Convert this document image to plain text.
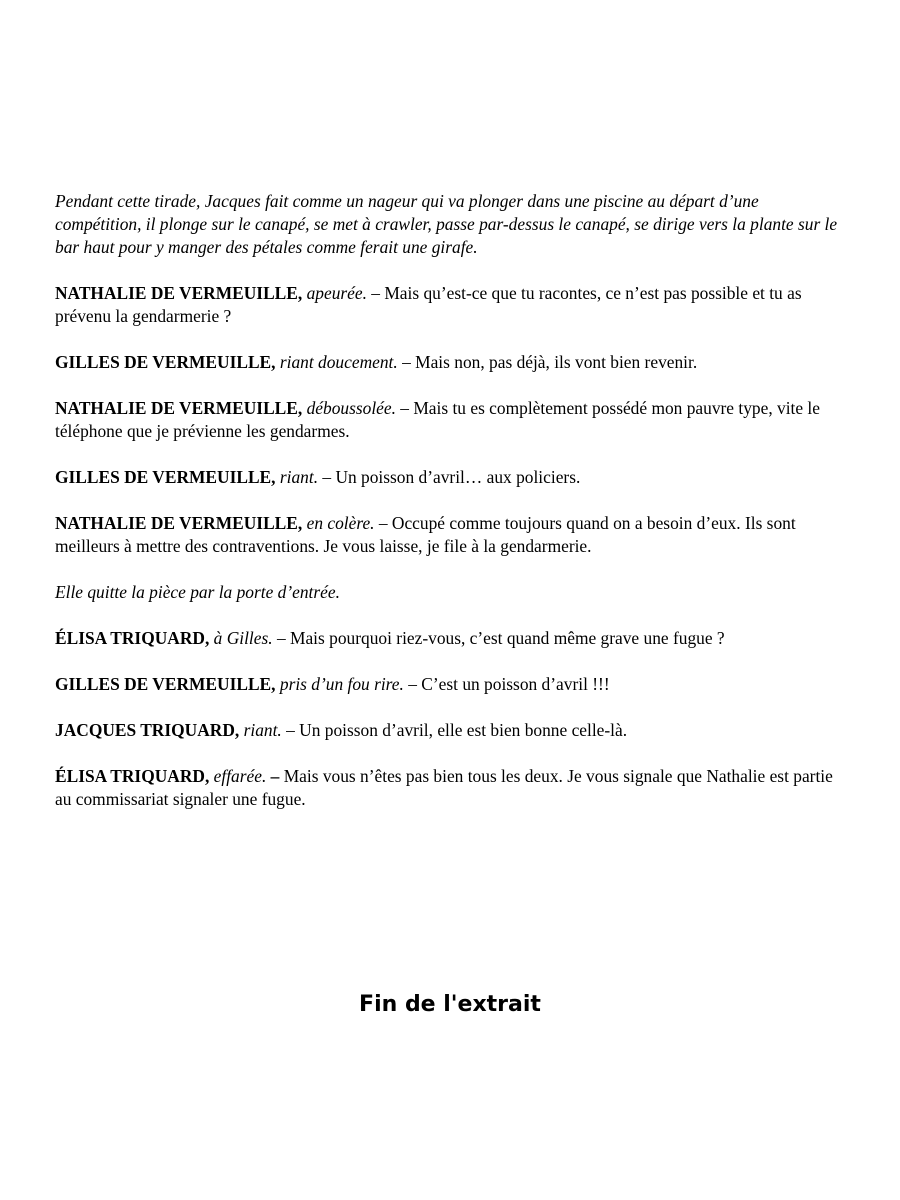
Pendant cette tirade, Jacques fait comme un nageur qui va plonger dans une piscine au départ d’une compétition, il plonge sur le canapé, se met à crawler, passe par-dessus le canapé, se dirige vers la plante sur le bar haut pour y manger des pétales comme ferait une girafe.

NATHALIE DE VERMEUILLE, apeurée. – Mais qu’est-ce que tu racontes, ce n’est pas possible et tu as prévenu la gendarmerie ?

GILLES DE VERMEUILLE, riant doucement. – Mais non, pas déjà, ils vont bien revenir.

NATHALIE DE VERMEUILLE, déboussolée. – Mais tu es complètement possédé mon pauvre type, vite le téléphone que je prévienne les gendarmes.

GILLES DE VERMEUILLE, riant. – Un poisson d’avril… aux policiers.

NATHALIE DE VERMEUILLE, en colère. – Occupé comme toujours quand on a besoin d’eux. Ils sont meilleurs à mettre des contraventions. Je vous laisse, je file à la gendarmerie.

Elle quitte la pièce par la porte d’entrée.

ÉLISA TRIQUARD, à Gilles. – Mais pourquoi riez-vous, c’est quand même grave une fugue ?

GILLES DE VERMEUILLE, pris d’un fou rire. – C’est un poisson d’avril !!!

JACQUES TRIQUARD, riant. – Un poisson d’avril, elle est bien bonne celle-là.

ÉLISA TRIQUARD, effarée. – Mais vous n’êtes pas bien tous les deux. Je vous signale que Nathalie est partie au commissariat signaler une fugue.

Fin de l'extrait
